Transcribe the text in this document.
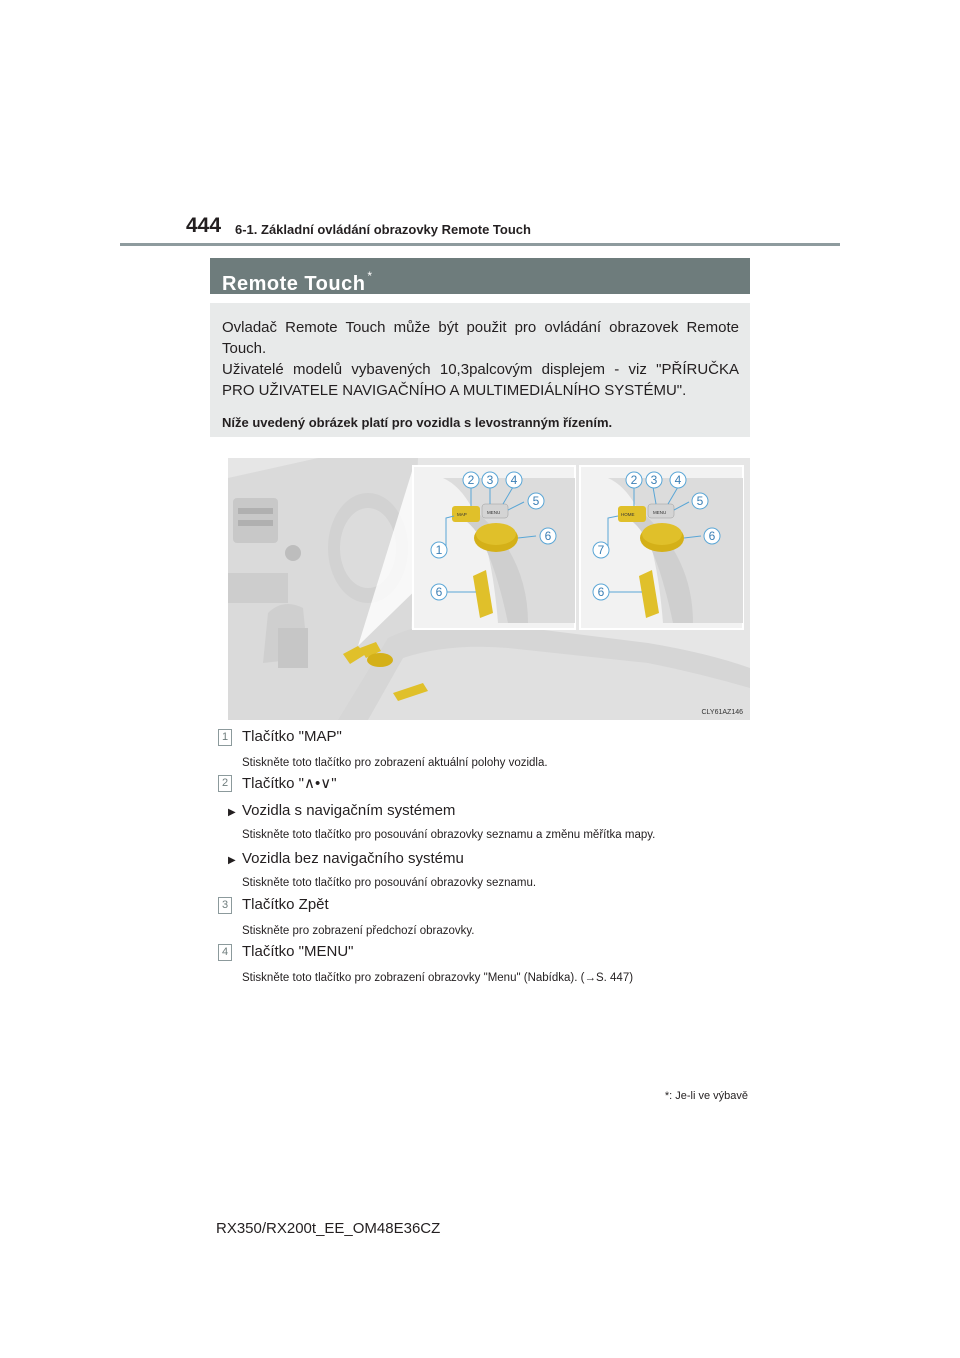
444 6-1. Základní ovládání obrazovky Remote Touch
Remote Touch *

Ovladač Remote Touch může být použit pro ovládání obrazovek Remote Touch.

Uživatelé modelů vybavených 10,3palcovým displejem - viz "PŘÍRUČKA PRO UŽIVATELE NAVIGAČNÍHO A MULTIMEDIÁLNÍHO SYSTÉMU".

Níže uvedený obrázek platí pro vozidla s levostranným řízením.

2 3 4
5
6
1
6
2 3 4
5
6
7
6
MAP	MENU	HOME	MENU
CLY61AZ146
1 Tlačítko "MAP"
Stiskněte toto tlačítko pro zobrazení aktuální polohy vozidla.
2 Tlačítko "∧•∨"
▶ Vozidla s navigačním systémem
Stiskněte toto tlačítko pro posouvání obrazovky seznamu a změnu měřítka mapy.
▶ Vozidla bez navigačního systému
Stiskněte toto tlačítko pro posouvání obrazovky seznamu.
3 Tlačítko Zpět
Stiskněte pro zobrazení předchozí obrazovky.
4 Tlačítko "MENU"
Stiskněte toto tlačítko pro zobrazení obrazovky "Menu" (Nabídka). (→S. 447)
*: Je-li ve výbavě
RX350/RX200t_EE_OM48E36CZ
